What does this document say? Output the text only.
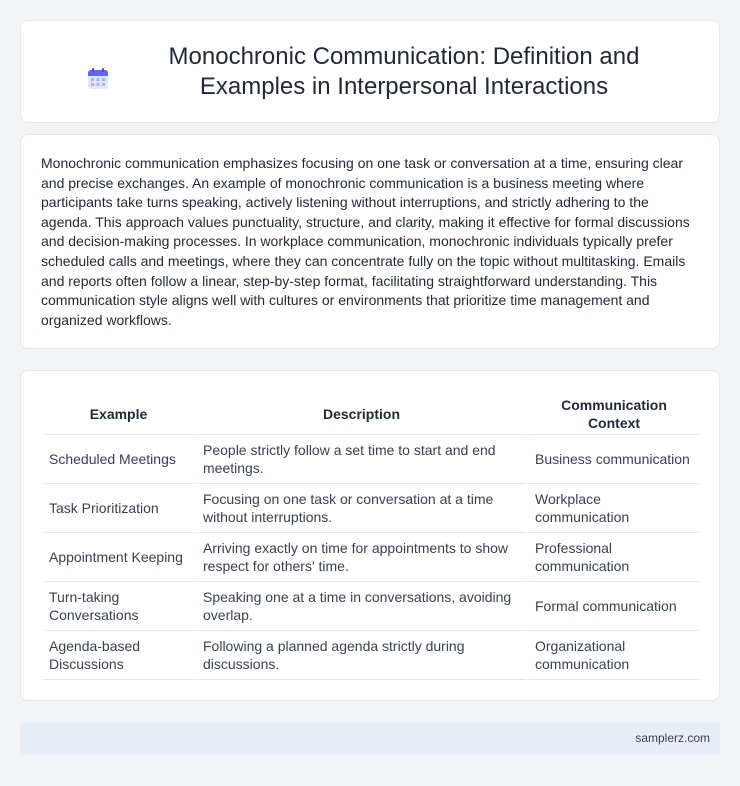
Monochronic Communication: Definition and Examples in Interpersonal Interactions

Monochronic communication emphasizes focusing on one task or conversation at a time, ensuring clear and precise exchanges. An example of monochronic communication is a business meeting where participants take turns speaking, actively listening without interruptions, and strictly adhering to the agenda. This approach values punctuality, structure, and clarity, making it effective for formal discussions and decision-making processes. In workplace communication, monochronic individuals typically prefer scheduled calls and meetings, where they can concentrate fully on the topic without multitasking. Emails and reports often follow a linear, step-by-step format, facilitating straightforward understanding. This communication style aligns well with cultures or environments that prioritize time management and organized workflows.

Example	Description	Communication Context
Scheduled Meetings	People strictly follow a set time to start and end meetings.	Business communication
Task Prioritization	Focusing on one task or conversation at a time without interruptions.	Workplace communication
Appointment Keeping	Arriving exactly on time for appointments to show respect for others' time.	Professional communication
Turn-taking Conversations	Speaking one at a time in conversations, avoiding overlap.	Formal communication
Agenda-based Discussions	Following a planned agenda strictly during discussions.	Organizational communication
samplerz.com
